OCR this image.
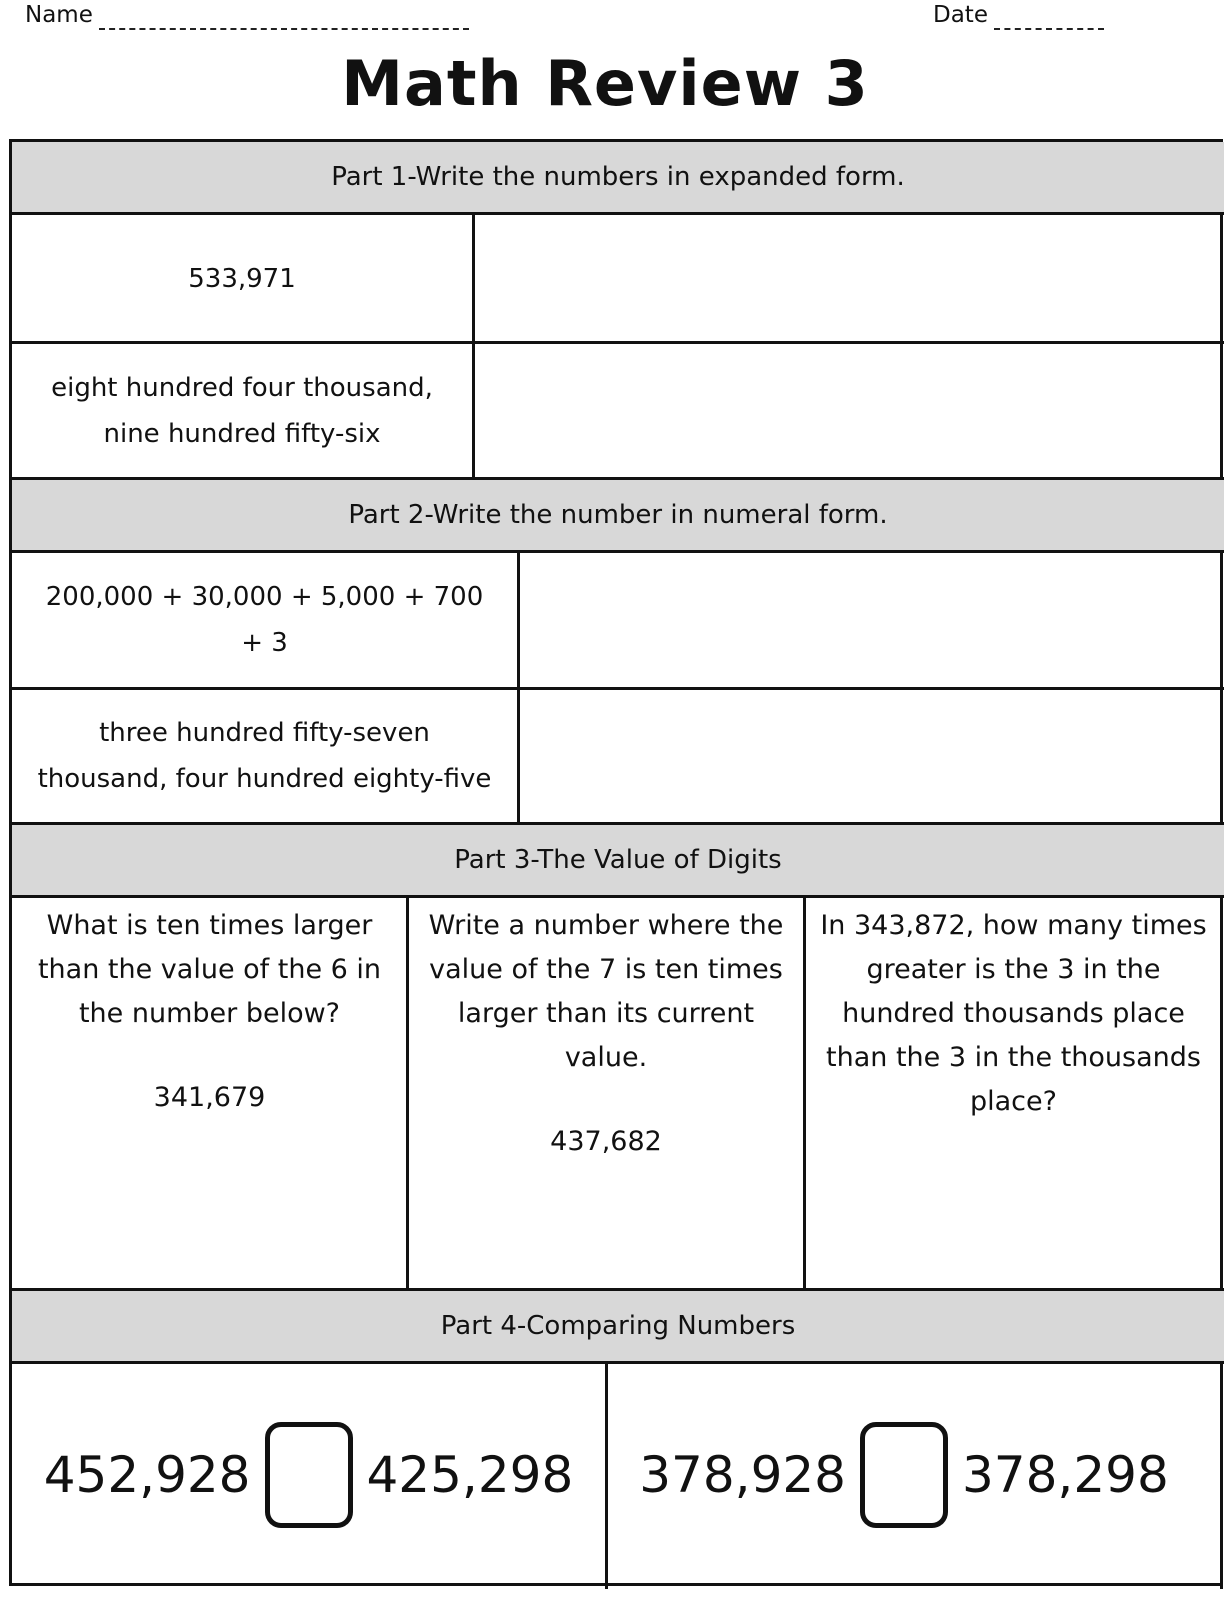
Name	Date
Math Review 3
Part 1-Write the numbers in expanded form.
533,971
eight hundred four thousand, nine hundred fifty-six
Part 2-Write the number in numeral form.
200,000 + 30,000 + 5,000 + 700 + 3
three hundred fifty-seven thousand, four hundred eighty-five
Part 3-The Value of Digits
What is ten times larger than the value of the 6 in the number below?
341,679
Write a number where the value of the 7 is ten times larger than its current value.
437,682
In 343,872, how many times greater is the 3 in the hundred thousands place than the 3 in the thousands place?
Part 4-Comparing Numbers
452,928 425,298 378,928 378,298
